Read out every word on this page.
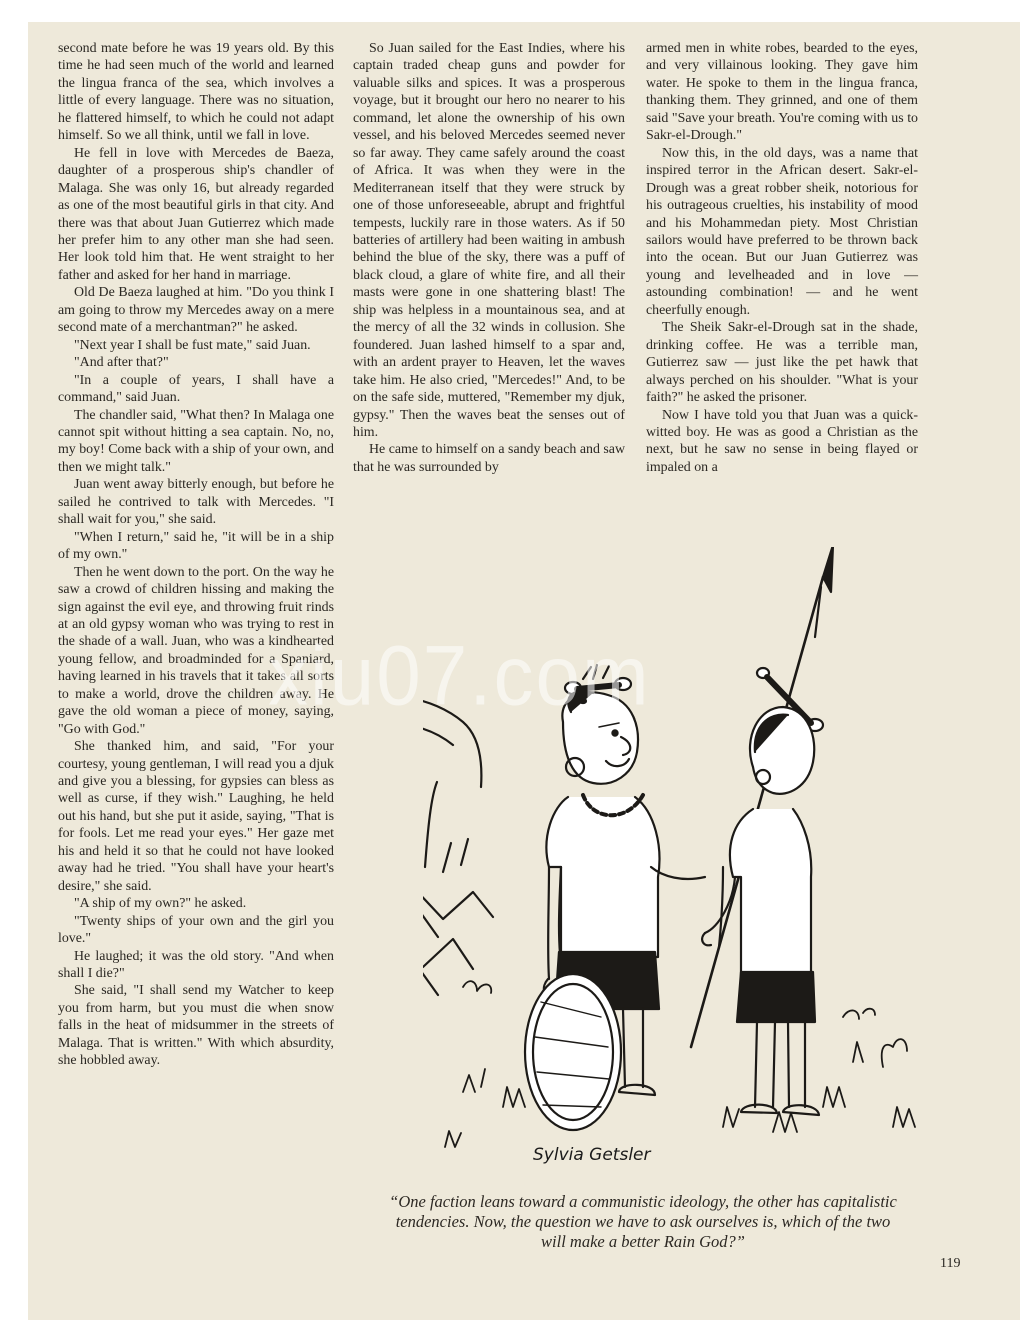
second mate before he was 19 years old. By this time he had seen much of the world and learned the lingua franca of the sea, which involves a little of every language. There was no situation, he flattered himself, to which he could not adapt himself. So we all think, until we fall in love.

He fell in love with Mercedes de Baeza, daughter of a prosperous ship's chandler of Malaga. She was only 16, but already regarded as one of the most beautiful girls in that city. And there was that about Juan Gutierrez which made her prefer him to any other man she had seen. Her look told him that. He went straight to her father and asked for her hand in marriage.

Old De Baeza laughed at him. "Do you think I am going to throw my Mercedes away on a mere second mate of a merchantman?" he asked.

"Next year I shall be fust mate," said Juan.

"And after that?"

"In a couple of years, I shall have a command," said Juan.

The chandler said, "What then? In Malaga one cannot spit without hitting a sea captain. No, no, my boy! Come back with a ship of your own, and then we might talk."

Juan went away bitterly enough, but before he sailed he contrived to talk with Mercedes. "I shall wait for you," she said.

"When I return," said he, "it will be in a ship of my own."

Then he went down to the port. On the way he saw a crowd of children hissing and making the sign against the evil eye, and throwing fruit rinds at an old gypsy woman who was trying to rest in the shade of a wall. Juan, who was a kindhearted young fellow, and broadminded for a Spaniard, having learned in his travels that it takes all sorts to make a world, drove the children away. He gave the old woman a piece of money, saying, "Go with God."

She thanked him, and said, "For your courtesy, young gentleman, I will read you a djuk and give you a blessing, for gypsies can bless as well as curse, if they wish." Laughing, he held out his hand, but she put it aside, saying, "That is for fools. Let me read your eyes." Her gaze met his and held it so that he could not have looked away had he tried. "You shall have your heart's desire," she said.

"A ship of my own?" he asked.

"Twenty ships of your own and the girl you love."

He laughed; it was the old story. "And when shall I die?"

She said, "I shall send my Watcher to keep you from harm, but you must die when snow falls in the heat of midsummer in the streets of Malaga. That is written." With which absurdity, she hobbled away.

So Juan sailed for the East Indies, where his captain traded cheap guns and powder for valuable silks and spices. It was a prosperous voyage, but it brought our hero no nearer to his command, let alone the ownership of his own vessel, and his beloved Mercedes seemed never so far away. They came safely around the coast of Africa. It was when they were in the Mediterranean itself that they were struck by one of those unforeseeable, abrupt and frightful tempests, luckily rare in those waters. As if 50 batteries of artillery had been waiting in ambush behind the blue of the sky, there was a puff of black cloud, a glare of white fire, and all their masts were gone in one shattering blast! The ship was helpless in a mountainous sea, and at the mercy of all the 32 winds in collusion. She foundered. Juan lashed himself to a spar and, with an ardent prayer to Heaven, let the waves take him. He also cried, "Mercedes!" And, to be on the safe side, muttered, "Remember my djuk, gypsy." Then the waves beat the senses out of him.

He came to himself on a sandy beach and saw that he was surrounded by

armed men in white robes, bearded to the eyes, and very villainous looking. They gave him water. He spoke to them in the lingua franca, thanking them. They grinned, and one of them said "Save your breath. You're coming with us to Sakr-el-Drough."

Now this, in the old days, was a name that inspired terror in the African desert. Sakr-el-Drough was a great robber sheik, notorious for his outrageous cruelties, his instability of mood and his Mohammedan piety. Most Christian sailors would have preferred to be thrown back into the ocean. But our Juan Gutierrez was young and levelheaded and in love — astounding combination! — and he went cheerfully enough.

The Sheik Sakr-el-Drough sat in the shade, drinking coffee. He was a terrible man, Gutierrez saw — just like the pet hawk that always perched on his shoulder. "What is your faith?" he asked the prisoner.

Now I have told you that Juan was a quick-witted boy. He was as good a Christian as the next, but he saw no sense in being flayed or impaled on a

Sylvia Getsler
xiu07.com
“One faction leans toward a communistic ideology, the other has capitalistic tendencies. Now, the question we have to ask ourselves is, which of the two will make a better Rain God?”
119
